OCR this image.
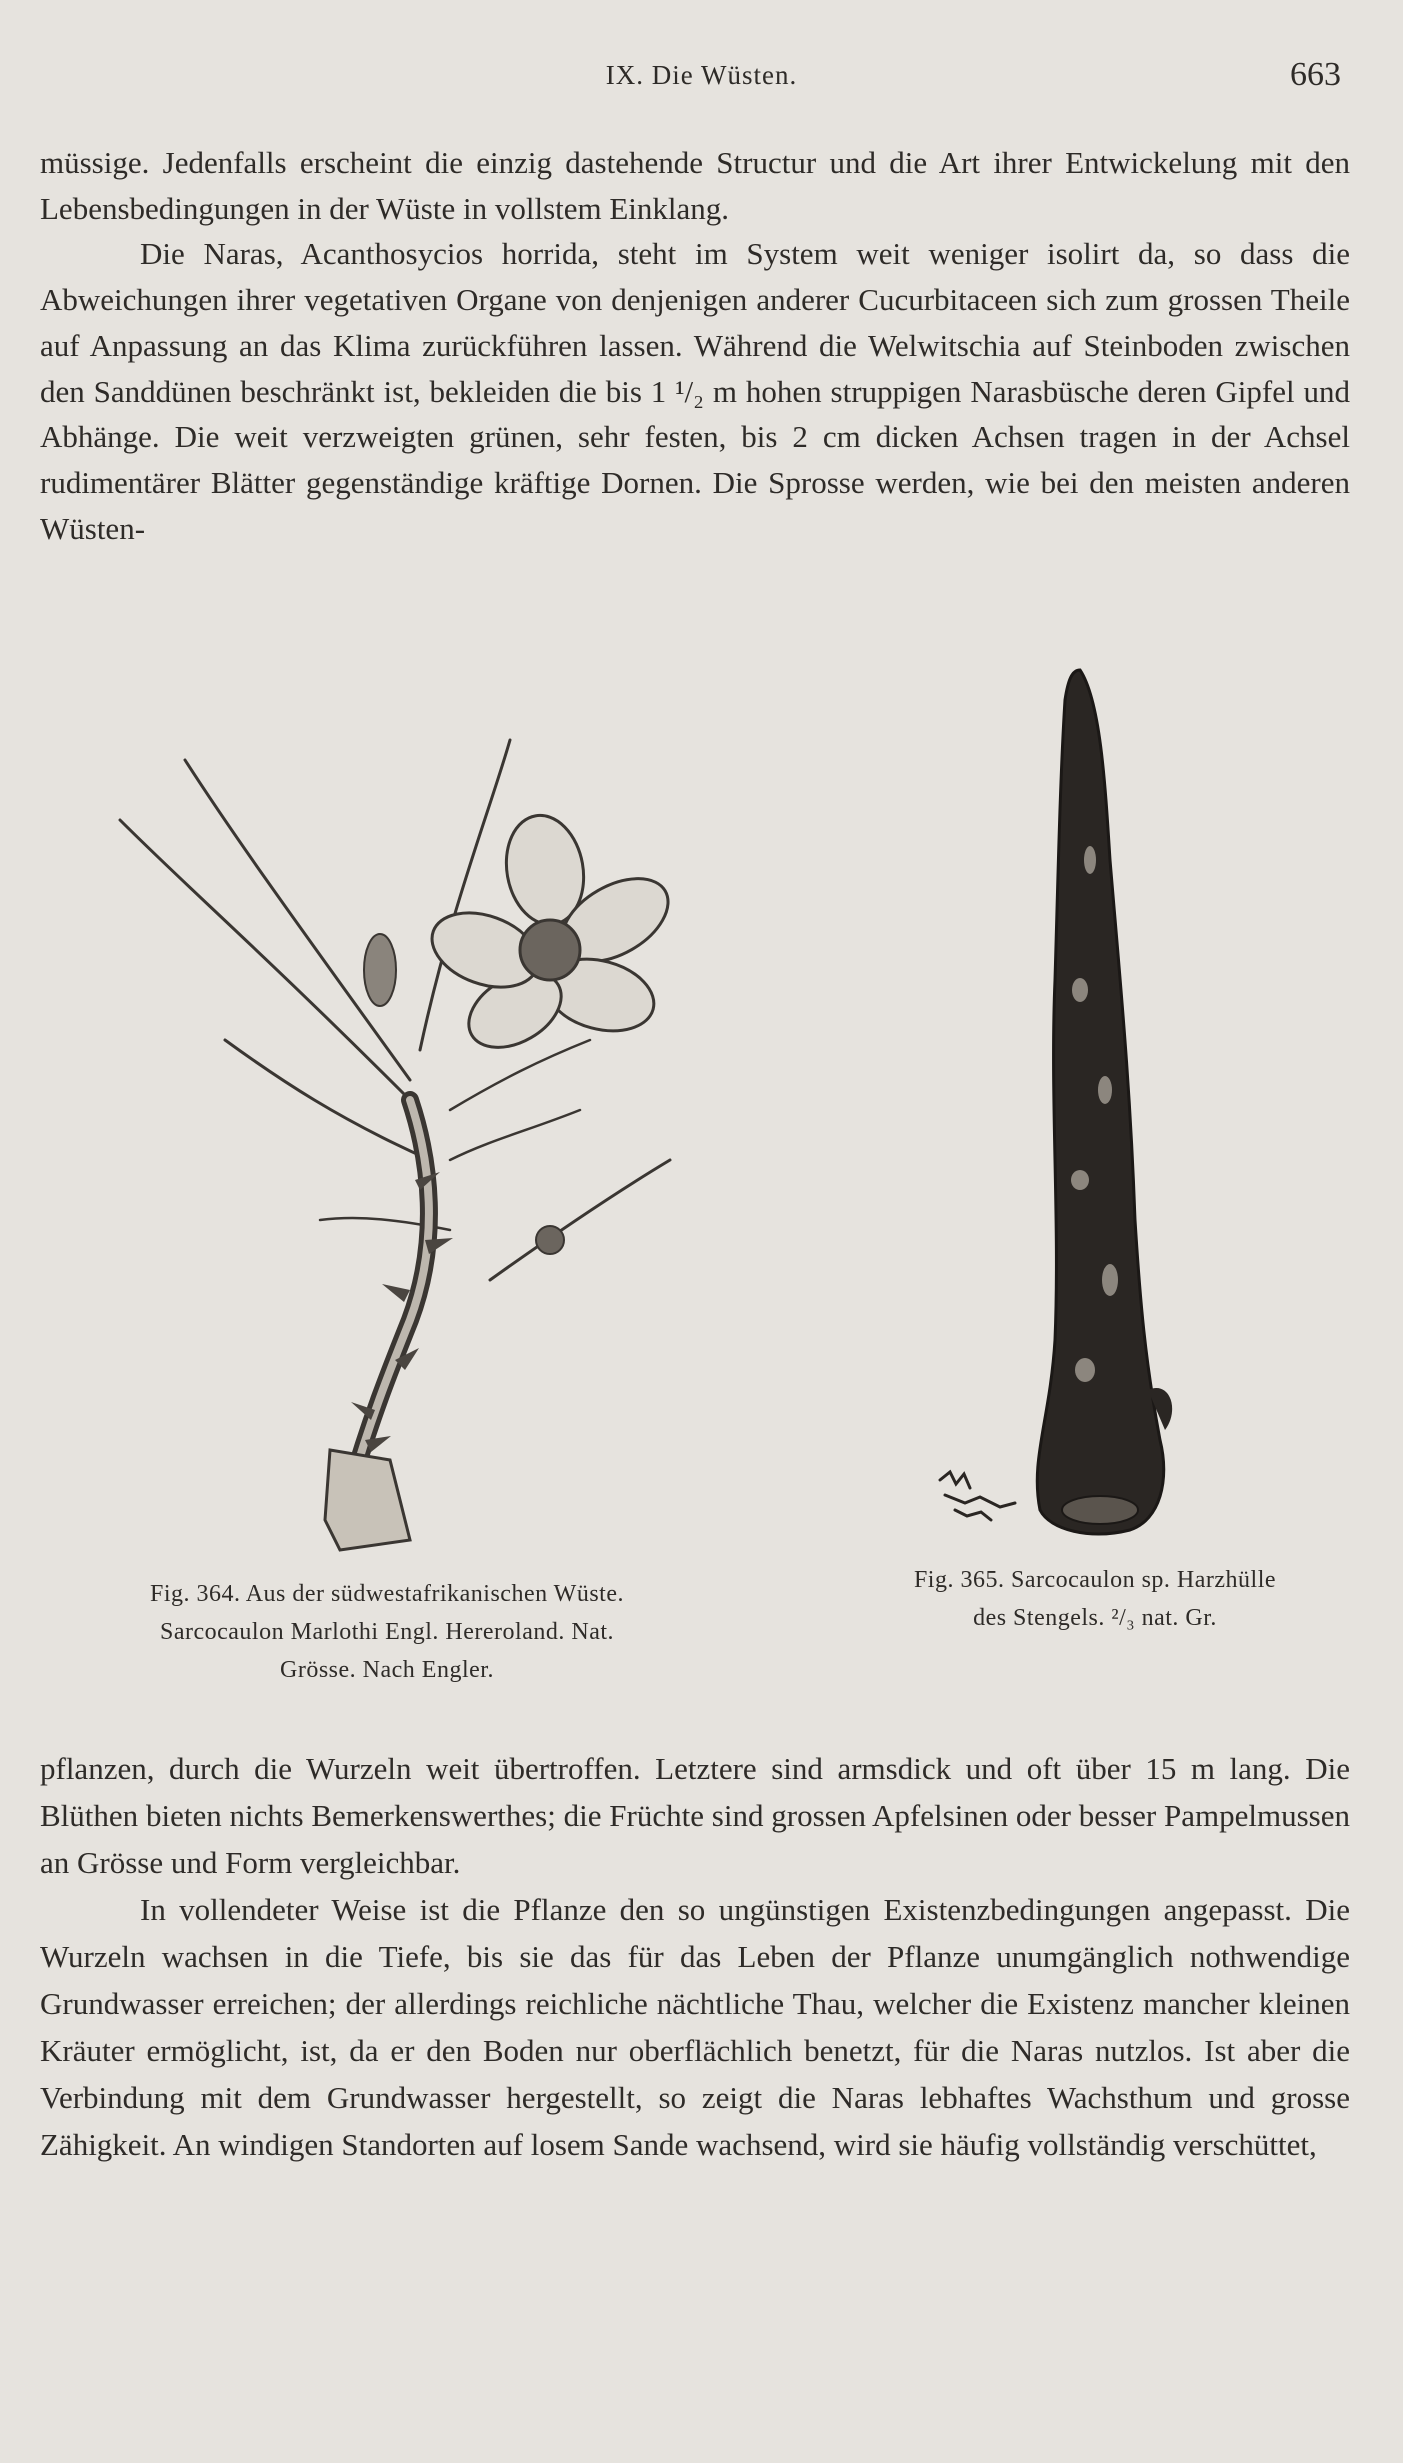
IX. Die Wüsten.	663

müssige. Jedenfalls erscheint die einzig dastehende Structur und die Art ihrer Entwickelung mit den Lebensbedingungen in der Wüste in vollstem Einklang.

Die Naras, Acanthosycios horrida, steht im System weit weniger isolirt da, so dass die Abweichungen ihrer vegetativen Organe von denjenigen anderer Cucurbitaceen sich zum grossen Theile auf Anpassung an das Klima zurückführen lassen. Während die Welwitschia auf Steinboden zwischen den Sanddünen beschränkt ist, bekleiden die bis 1 ¹/₂ m hohen struppigen Narasbüsche deren Gipfel und Abhänge. Die weit verzweigten grünen, sehr festen, bis 2 cm dicken Achsen tragen in der Achsel rudimentärer Blätter gegenständige kräftige Dornen. Die Sprosse werden, wie bei den meisten anderen Wüsten-

Fig. 364. Aus der südwestafrikanischen Wüste.
Sarcocaulon Marlothi Engl. Hereroland. Nat.
Grösse. Nach Engler.
Fig. 365. Sarcocaulon sp. Harzhülle
des Stengels. ²/₃ nat. Gr.

pflanzen, durch die Wurzeln weit übertroffen. Letztere sind armsdick und oft über 15 m lang. Die Blüthen bieten nichts Bemerkenswerthes; die Früchte sind grossen Apfelsinen oder besser Pampelmussen an Grösse und Form vergleichbar.

In vollendeter Weise ist die Pflanze den so ungünstigen Existenzbedingungen angepasst. Die Wurzeln wachsen in die Tiefe, bis sie das für das Leben der Pflanze unumgänglich nothwendige Grundwasser erreichen; der allerdings reichliche nächtliche Thau, welcher die Existenz mancher kleinen Kräuter ermöglicht, ist, da er den Boden nur oberflächlich benetzt, für die Naras nutzlos. Ist aber die Verbindung mit dem Grundwasser hergestellt, so zeigt die Naras lebhaftes Wachsthum und grosse Zähigkeit. An windigen Standorten auf losem Sande wachsend, wird sie häufig vollständig verschüttet,
